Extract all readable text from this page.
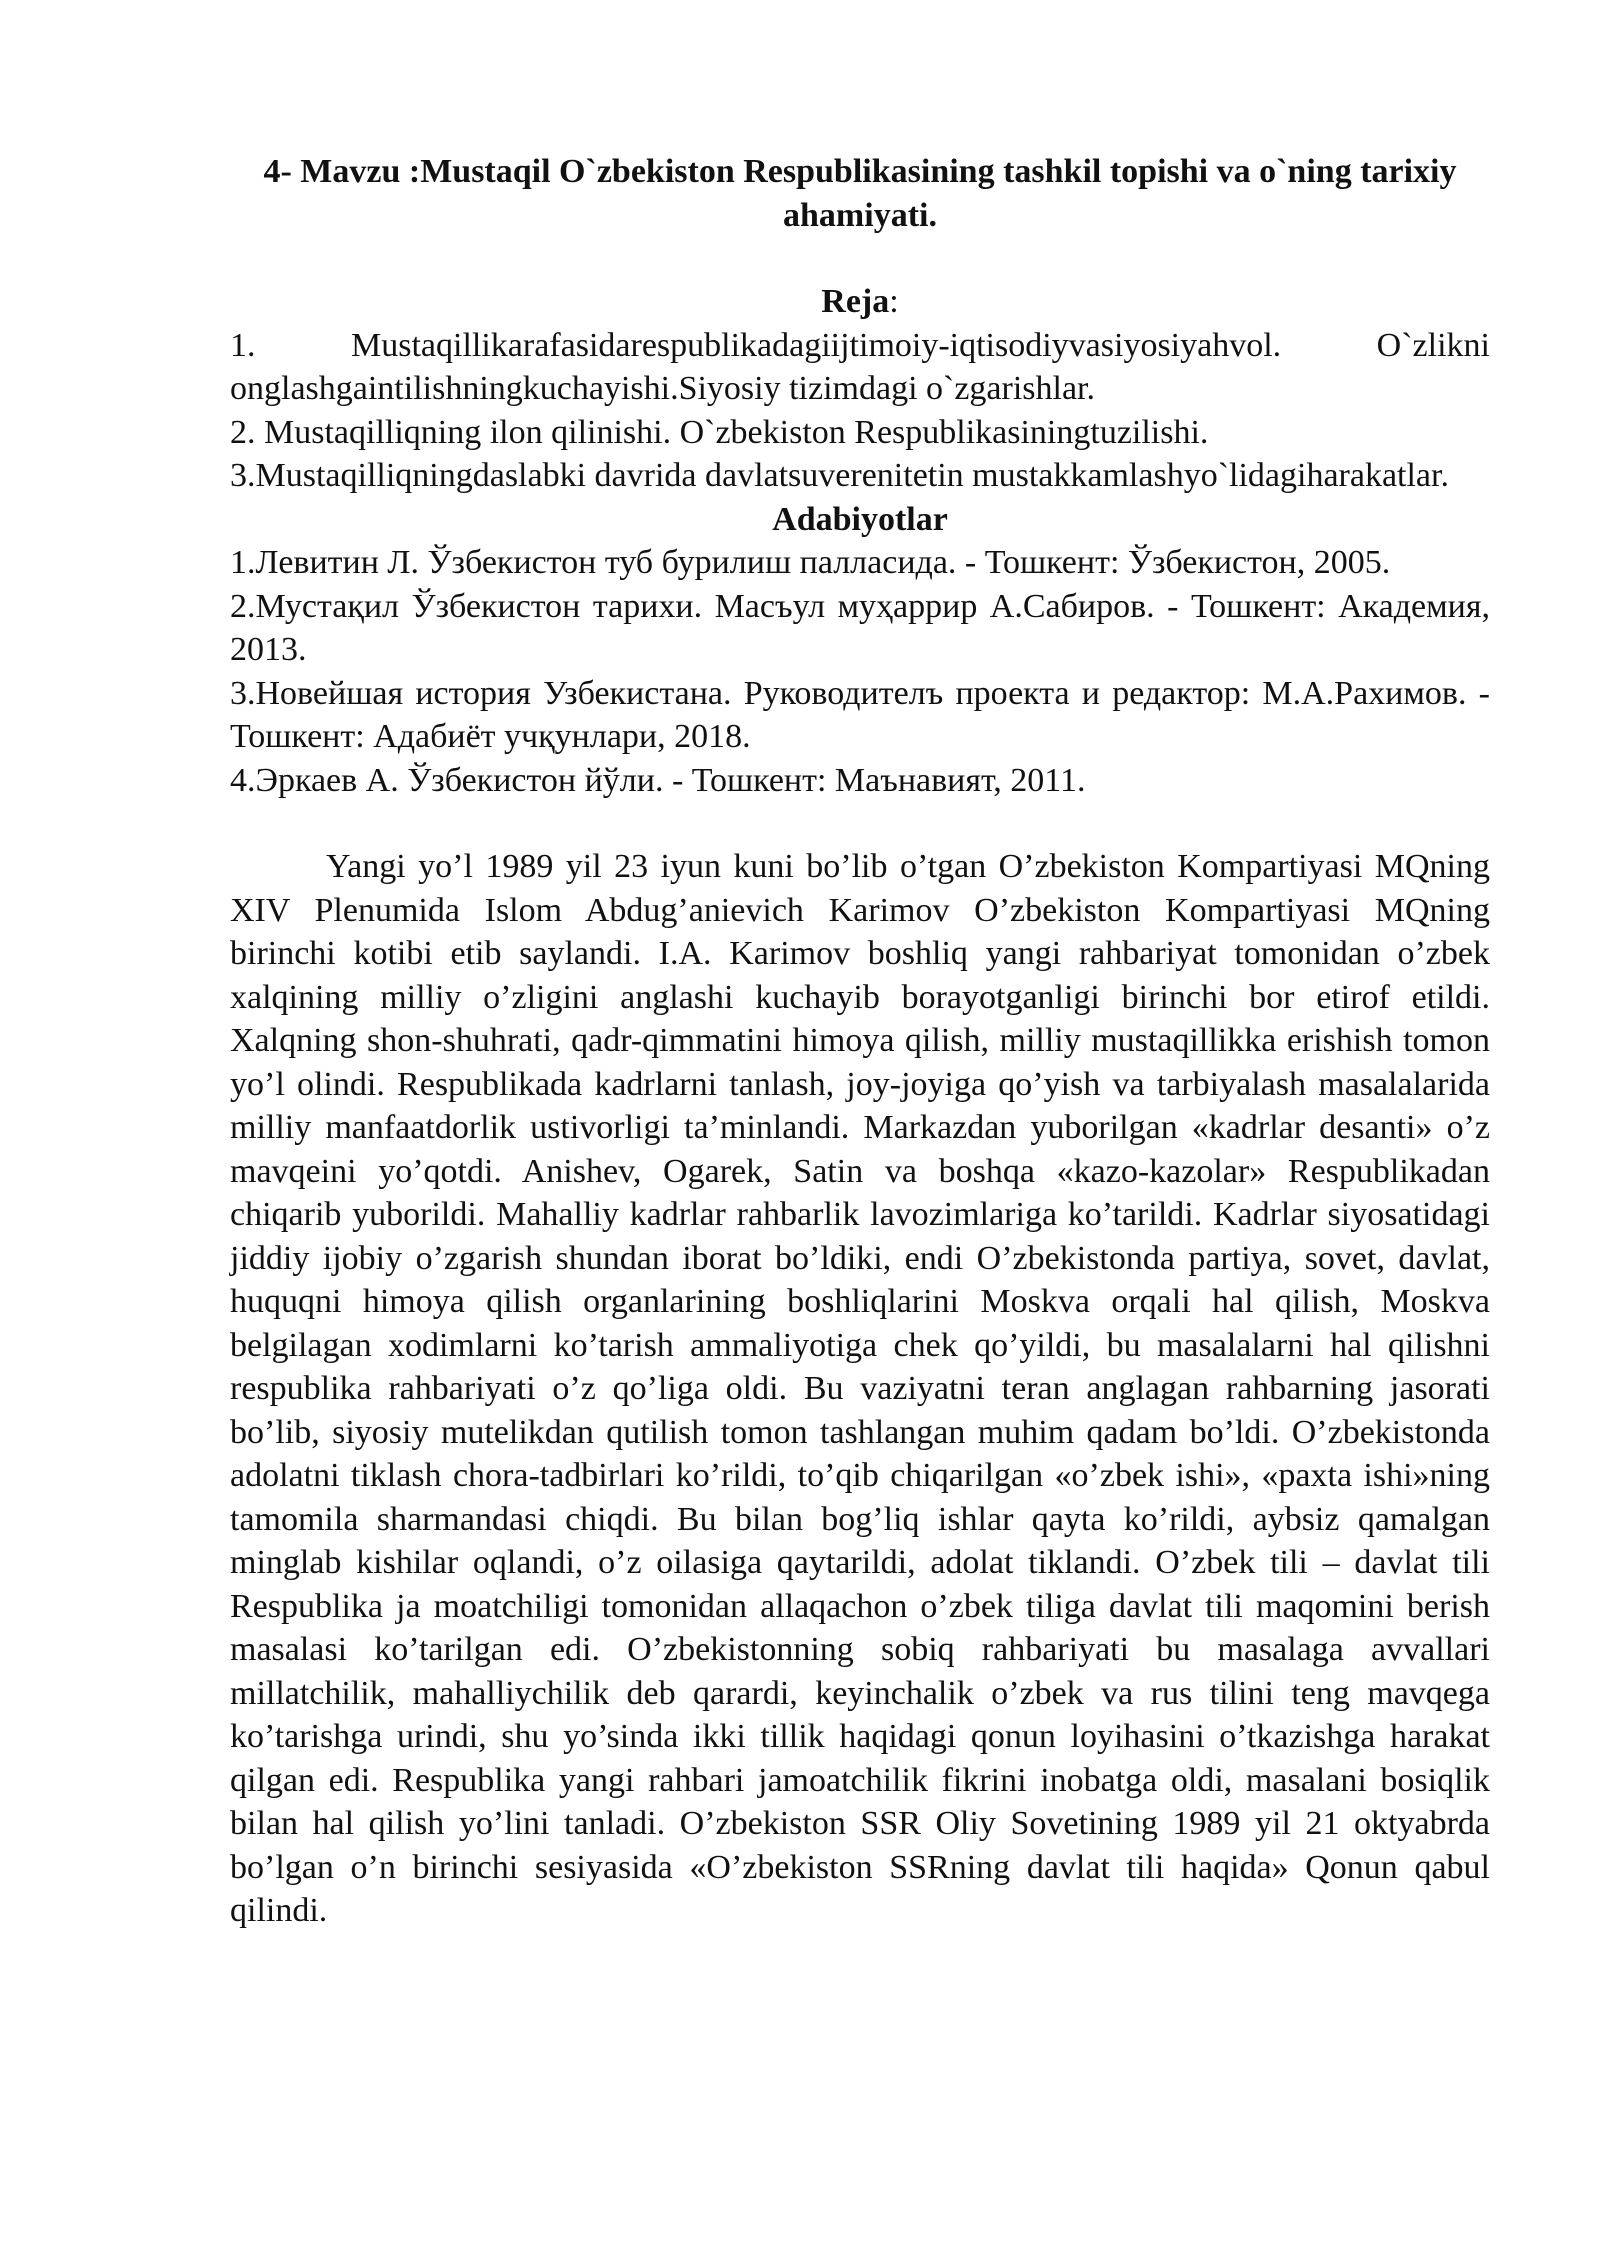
4- Mavzu :Mustaqil O`zbekiston Respublikasining tashkil topishi va o`ning tarixiy ahamiyati.

Reja:

1. Mustaqillikarafasidarespublikadagiijtimoiy-iqtisodiyvasiyosiyahvol. O`zlikni onglashgaintilishningkuchayishi.Siyosiy tizimdagi o`zgarishlar.

2. Mustaqilliqning ilon qilinishi. O`zbekiston Respublikasiningtuzilishi.

3.Mustaqilliqningdaslabki davrida davlatsuverenitetin mustakkamlashyo`lidagiharakatlar.

Adabiyotlar

1.Левитин Л. Ўзбекистон туб бурилиш палласида. - Тошкент: Ўзбекистон, 2005.

2.Мустақил Ўзбекистон тарихи. Масъул муҳаррир А.Сабиров. - Тошкент: Академия, 2013.

3.Новейшая история Узбекистана. Руководителъ проекта и редактор: М.А.Рахимов. - Тошкент: Адабиёт учқунлари, 2018.

4.Эркаев А. Ўзбекистон йўли. - Тошкент: Маънавият, 2011.

Yangi yo’l 1989 yil 23 iyun kuni bo’lib o’tgan O’zbekiston Kompartiyasi MQning XIV Plenumida Islom Abdug’anievich Karimov O’zbekiston Kompartiyasi MQning birinchi kotibi etib saylandi. I.A. Karimov boshliq yangi rahbariyat tomonidan o’zbek xalqining milliy o’zligini anglashi kuchayib borayotganligi birinchi bor etirof etildi. Xalqning shon-shuhrati, qadr-qimmatini himoya qilish, milliy mustaqillikka erishish tomon yo’l olindi. Respublikada kadrlarni tanlash, joy-joyiga qo’yish va tarbiyalash masalalarida milliy manfaatdorlik ustivorligi ta’minlandi. Markazdan yuborilgan «kadrlar desanti» o’z mavqeini yo’qotdi. Anishev, Ogarek, Satin va boshqa «kazo-kazolar» Respublikadan chiqarib yuborildi. Mahalliy kadrlar rahbarlik lavozimlariga ko’tarildi. Kadrlar siyosatidagi jiddiy ijobiy o’zgarish shundan iborat bo’ldiki, endi O’zbekistonda partiya, sovet, davlat, huquqni himoya qilish organlarining boshliqlarini Moskva orqali hal qilish, Moskva belgilagan xodimlarni ko’tarish ammaliyotiga chek qo’yildi, bu masalalarni hal qilishni respublika rahbariyati o’z qo’liga oldi. Bu vaziyatni teran anglagan rahbarning jasorati bo’lib, siyosiy mutelikdan qutilish tomon tashlangan muhim qadam bo’ldi. O’zbekistonda adolatni tiklash chora-tadbirlari ko’rildi, to’qib chiqarilgan «o’zbek ishi», «paxta ishi»ning tamomila sharmandasi chiqdi. Bu bilan bog’liq ishlar qayta ko’rildi, aybsiz qamalgan minglab kishilar oqlandi, o’z oilasiga qaytarildi, adolat tiklandi. O’zbek tili – davlat tili Respublika ja moatchiligi tomonidan allaqachon o’zbek tiliga davlat tili maqomini berish masalasi ko’tarilgan edi. O’zbekistonning sobiq rahbariyati bu masalaga avvallari millatchilik, mahalliychilik deb qarardi, keyinchalik o’zbek va rus tilini teng mavqega ko’tarishga urindi, shu yo’sinda ikki tillik haqidagi qonun loyihasini o’tkazishga harakat qilgan edi. Respublika yangi rahbari jamoatchilik fikrini inobatga oldi, masalani bosiqlik bilan hal qilish yo’lini tanladi. O’zbekiston SSR Oliy Sovetining 1989 yil 21 oktyabrda bo’lgan o’n birinchi sesiyasida «O’zbekiston SSRning davlat tili haqida» Qonun qabul qilindi.
